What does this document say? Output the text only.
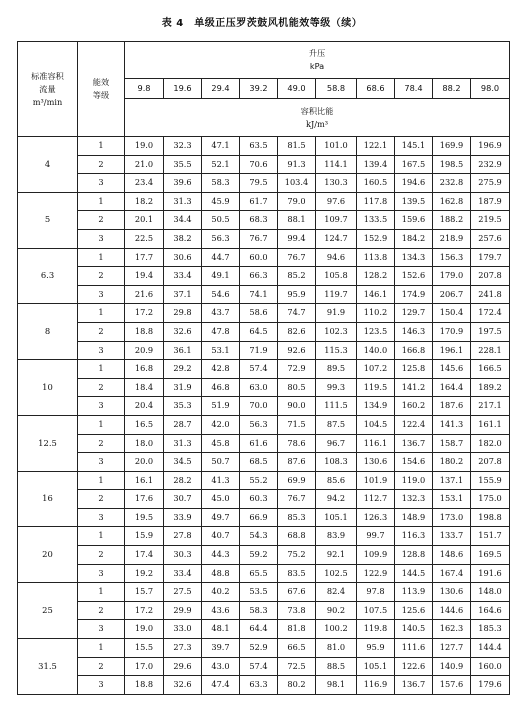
表 4　单级正压罗茨鼓风机能效等级（续）
标准容积
流量
m³/min	能效
等级	升压
kPa									

		9.8	19.6	29.4	39.2	49.0	58.8	68.6	78.4	88.2	98.0

		容积比能
kJ/m³									

4	1	19.0	32.3	47.1	63.5	81.5	101.0	122.1	145.1	169.9	196.9
	2	21.0	35.5	52.1	70.6	91.3	114.1	139.4	167.5	198.5	232.9
	3	23.4	39.6	58.3	79.5	103.4	130.3	160.5	194.6	232.8	275.9
5	1	18.2	31.3	45.9	61.7	79.0	97.6	117.8	139.5	162.8	187.9
	2	20.1	34.4	50.5	68.3	88.1	109.7	133.5	159.6	188.2	219.5
	3	22.5	38.2	56.3	76.7	99.4	124.7	152.9	184.2	218.9	257.6
6.3	1	17.7	30.6	44.7	60.0	76.7	94.6	113.8	134.3	156.3	179.7
	2	19.4	33.4	49.1	66.3	85.2	105.8	128.2	152.6	179.0	207.8
	3	21.6	37.1	54.6	74.1	95.9	119.7	146.1	174.9	206.7	241.8
8	1	17.2	29.8	43.7	58.6	74.7	91.9	110.2	129.7	150.4	172.4
	2	18.8	32.6	47.8	64.5	82.6	102.3	123.5	146.3	170.9	197.5
	3	20.9	36.1	53.1	71.9	92.6	115.3	140.0	166.8	196.1	228.1
10	1	16.8	29.2	42.8	57.4	72.9	89.5	107.2	125.8	145.6	166.5
	2	18.4	31.9	46.8	63.0	80.5	99.3	119.5	141.2	164.4	189.2
	3	20.4	35.3	51.9	70.0	90.0	111.5	134.9	160.2	187.6	217.1
12.5	1	16.5	28.7	42.0	56.3	71.5	87.5	104.5	122.4	141.3	161.1
	2	18.0	31.3	45.8	61.6	78.6	96.7	116.1	136.7	158.7	182.0
	3	20.0	34.5	50.7	68.5	87.6	108.3	130.6	154.6	180.2	207.8
16	1	16.1	28.2	41.3	55.2	69.9	85.6	101.9	119.0	137.1	155.9
	2	17.6	30.7	45.0	60.3	76.7	94.2	112.7	132.3	153.1	175.0
	3	19.5	33.9	49.7	66.9	85.3	105.1	126.3	148.9	173.0	198.8
20	1	15.9	27.8	40.7	54.3	68.8	83.9	99.7	116.3	133.7	151.7
	2	17.4	30.3	44.3	59.2	75.2	92.1	109.9	128.8	148.6	169.5
	3	19.2	33.4	48.8	65.5	83.5	102.5	122.9	144.5	167.4	191.6
25	1	15.7	27.5	40.2	53.5	67.6	82.4	97.8	113.9	130.6	148.0
	2	17.2	29.9	43.6	58.3	73.8	90.2	107.5	125.6	144.6	164.6
	3	19.0	33.0	48.1	64.4	81.8	100.2	119.8	140.5	162.3	185.3
31.5	1	15.5	27.3	39.7	52.9	66.5	81.0	95.9	111.6	127.7	144.4
	2	17.0	29.6	43.0	57.4	72.5	88.5	105.1	122.6	140.9	160.0
	3	18.8	32.6	47.4	63.3	80.2	98.1	116.9	136.7	157.6	179.6
